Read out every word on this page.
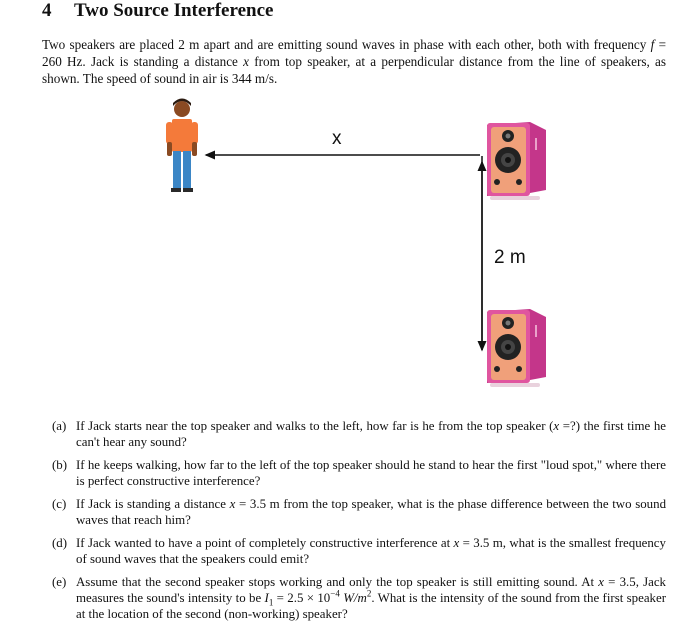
4 Two Source Interference
Two speakers are placed 2 m apart and are emitting sound waves in phase with each other, both with frequency f = 260 Hz. Jack is standing a distance x from top speaker, at a perpendicular distance from the line of speakers, as shown. The speed of sound in air is 344 m/s.
x
2 m
(a) If Jack starts near the top speaker and walks to the left, how far is he from the top speaker (x =?) the first time he can't hear any sound?
(b) If he keeps walking, how far to the left of the top speaker should he stand to hear the first "loud spot," where there is perfect constructive interference?
(c) If Jack is standing a distance x = 3.5 m from the top speaker, what is the phase difference between the two sound waves that reach him?
(d) If Jack wanted to have a point of completely constructive interference at x = 3.5 m, what is the smallest frequency of sound waves that the speakers could emit?
(e) Assume that the second speaker stops working and only the top speaker is still emitting sound. At x = 3.5, Jack measures the sound's intensity to be $I_1 = 2.5 \times 10^{-4}$ $W/m^2$. What is the intensity of the sound from the first speaker at the location of the second (non-working) speaker?
